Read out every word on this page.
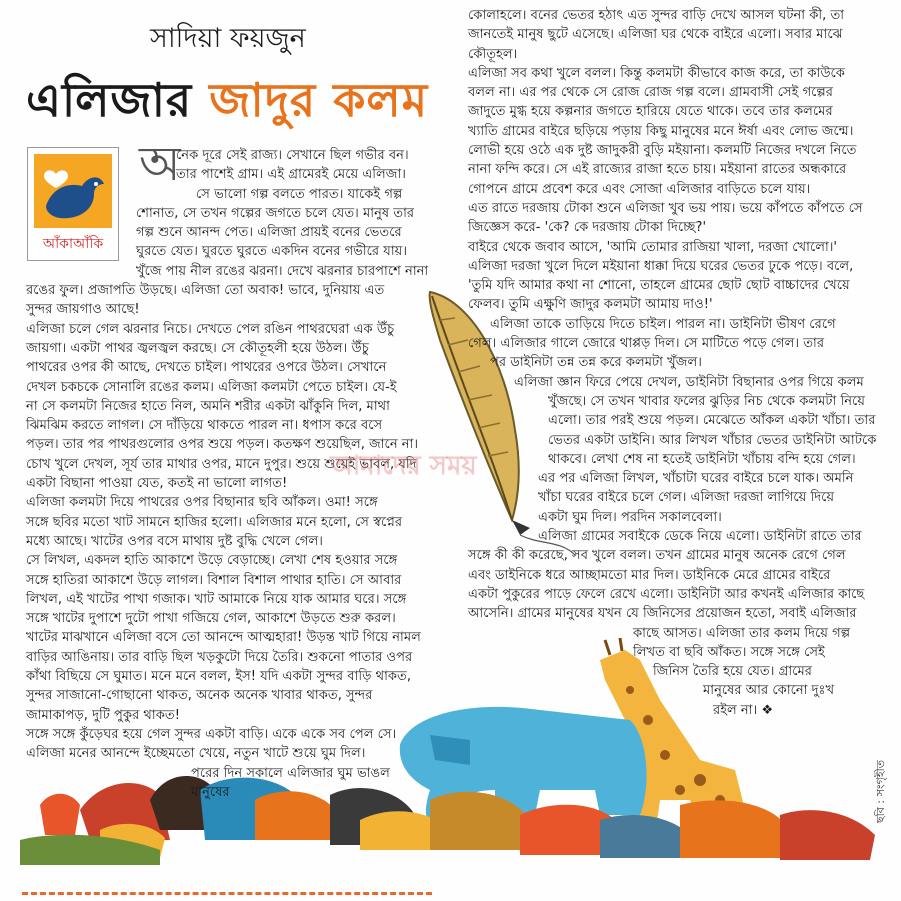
সাদিয়া ফয়জুন
এলিজার জাদুর কলম
আঁকাআঁকি
অ

নেক দূরে সেই রাজ্য। সেখানে ছিল গভীর বন।

তার পাশেই গ্রাম। এই গ্রামেরই মেয়ে এলিজা।

সে ভালো গল্প বলতে পারত। যাকেই গল্প

শোনাত, সে তখন গল্পের জগতে চলে যেত। মানুষ তার

গল্প শুনে আনন্দ পেত। এলিজা প্রায়ই বনের ভেতরে

ঘুরতে যেত। ঘুরতে ঘুরতে একদিন বনের গভীরে যায়।

খুঁজে পায় নীল রঙের ঝরনা। দেখে ঝরনার চারপাশে নানা

রঙের ফুল। প্রজাপতি উড়ছে। এলিজা তো অবাক! ভাবে, দুনিয়ায় এত

সুন্দর জায়গাও আছে!

এলিজা চলে গেল ঝরনার নিচে। দেখতে পেল রঙিন পাথরঘেরা এক উঁচু

জায়গা। একটা পাথর জ্বলজ্বল করছে। সে কৌতূহলী হয়ে উঠল। উঁচু

পাথরের ওপর কী আছে, দেখতে চাইল। পাথরের ওপরে উঠল। সেখানে

দেখল চকচকে সোনালি রঙের কলম। এলিজা কলমটা পেতে চাইল। যে-ই

না সে কলমটা নিজের হাতে নিল, অমনি শরীর একটা ঝাঁকুনি দিল, মাথা

ঝিমঝিম করতে লাগল। সে দাঁড়িয়ে থাকতে পারল না। ধপাস করে বসে

পড়ল। তার পর পাথরগুলোর ওপর শুয়ে পড়ল। কতক্ষণ শুয়েছিল, জানে না।

চোখ খুলে দেখল, সূর্য তার মাথার ওপর, মানে দুপুর। শুয়ে শুয়েই ভাবল, যদি

একটা বিছানা পাওয়া যেত, কতই না ভালো লাগত!

এলিজা কলমটা দিয়ে পাথরের ওপর বিছানার ছবি আঁকল। ওমা! সঙ্গে

সঙ্গে ছবির মতো খাট সামনে হাজির হলো। এলিজার মনে হলো, সে স্বপ্নের

মধ্যে আছে। খাটের ওপর বসে মাথায় দুষ্ট বুদ্ধি খেলে গেল।

সে লিখল, একদল হাতি আকাশে উড়ে বেড়াচ্ছে। লেখা শেষ হওয়ার সঙ্গে

সঙ্গে হাতিরা আকাশে উড়ে লাগল। বিশাল বিশাল পাথার হাতি। সে আবার

লিখল, এই খাটের পাখা গজাক। খাট আমাকে নিয়ে যাক আমার ঘরে। সঙ্গে

সঙ্গে খাটের দুপাশে দুটো পাখা গজিয়ে গেল, আকাশে উড়তে শুরু করল।

খাটের মাঝখানে এলিজা বসে তো আনন্দে আত্মহারা! উড়ন্ত খাট গিয়ে নামল

বাড়ির আঙিনায়। তার বাড়ি ছিল খড়কুটো দিয়ে তৈরি। শুকনো পাতার ওপর

কাঁথা বিছিয়ে সে ঘুমাত। মনে মনে বলল, ইস! যদি একটা সুন্দর বাড়ি থাকত,

সুন্দর সাজানো-গোছানো থাকত, অনেক অনেক খাবার থাকত, সুন্দর

জামাকাপড়, দুটি পুকুর থাকত!

সঙ্গে সঙ্গে কুঁড়েঘর হয়ে গেল সুন্দর একটা বাড়ি। একে একে সব পেল সে।

এলিজা মনের আনন্দে ইচ্ছেমতো খেয়ে, নতুন খাটে শুয়ে ঘুম দিল।

পরের দিন সকালে এলিজার ঘুম ভাঙল

মানুষের

কোলাহলে। বনের ভেতর হঠাৎ এত সুন্দর বাড়ি দেখে আসল ঘটনা কী, তা

জানতেই মানুষ ছুটে এসেছে। এলিজা ঘর থেকে বাইরে এলো। সবার মাঝে

কৌতূহল।

এলিজা সব কথা খুলে বলল। কিন্তু কলমটা কীভাবে কাজ করে, তা কাউকে

বলল না। এর পর থেকে সে রোজ রোজ গল্প বলে। গ্রামবাসী সেই গল্পের

জাদুতে মুগ্ধ হয়ে কল্পনার জগতে হারিয়ে যেতে থাকে। তবে তার কলমের

খ্যাতি গ্রামের বাইরে ছড়িয়ে পড়ায় কিছু মানুষের মনে ঈর্ষা এবং লোভ জন্মে।

লোভী হয়ে ওঠে এক দুষ্ট জাদুকরী বুড়ি মইয়ানা। কলমটি নিজের দখলে নিতে

নানা ফন্দি করে। সে এই রাজ্যের রাজা হতে চায়। মইয়ানা রাতের অন্ধকারে

গোপনে গ্রামে প্রবেশ করে এবং সোজা এলিজার বাড়িতে চলে যায়।

এত রাতে দরজায় টোকা শুনে এলিজা খুব ভয় পায়। ভয়ে কাঁপতে কাঁপতে সে

জিজ্ঞেস করে- 'কে? কে দরজায় টোকা দিচ্ছে?'

বাইরে থেকে জবাব আসে, 'আমি তোমার রাজিয়া খালা, দরজা খোলো।'

এলিজা দরজা খুলে দিলে মইয়ানা ধাক্কা দিয়ে ঘরের ভেতর ঢুকে পড়ে। বলে,

'তুমি যদি আমার কথা না শোনো, তাহলে গ্রামের ছোট ছোট বাচ্চাদের খেয়ে

ফেলব। তুমি এক্ষুণি জাদুর কলমটা আমায় দাও!'

এলিজা তাকে তাড়িয়ে দিতে চাইল। পারল না। ডাইনিটা ভীষণ রেগে

গেল। এলিজার গালে জোরে থাপ্পড় দিল। সে মাটিতে পড়ে গেল। তার

পর ডাইনিটা তন্ন তন্ন করে কলমটা খুঁজল।

এলিজা জ্ঞান ফিরে পেয়ে দেখল, ডাইনিটা বিছানার ওপর গিয়ে কলম

খুঁজছে। সে তখন খাবার ফলের ঝুড়ির নিচ থেকে কলমটা নিয়ে

এলো। তার পরই শুয়ে পড়ল। মেঝেতে আঁকল একটা খাঁচা। তার

ভেতর একটা ডাইনি। আর লিখল খাঁচার ভেতর ডাইনিটা আটকে

থাকবে। লেখা শেষ না হতেই ডাইনিটা খাঁচায় বন্দি হয়ে গেল।

এর পর এলিজা লিখল, খাঁচাটা ঘরের বাইরে চলে যাক। অমনি

খাঁচা ঘরের বাইরে চলে গেল। এলিজা দরজা লাগিয়ে দিয়ে

একটা ঘুম দিল। পরদিন সকালবেলা।

এলিজা গ্রামের সবাইকে ডেকে নিয়ে এলো। ডাইনিটা রাতে তার

সঙ্গে কী কী করেছে, সব খুলে বলল। তখন গ্রামের মানুষ অনেক রেগে গেল

এবং ডাইনিকে ধরে আচ্ছামতো মার দিল। ডাইনিকে মেরে গ্রামের বাইরে

একটা পুকুরের পাড়ে ফেলে রেখে এলো। ডাইনিটা আর কখনই এলিজার কাছে

আসেনি। গ্রামের মানুষের যখন যে জিনিসের প্রয়োজন হতো, সবাই এলিজার

কাছে আসত। এলিজা তার কলম দিয়ে গল্প

লিখত বা ছবি আঁকত। সঙ্গে সঙ্গে সেই

জিনিস তৈরি হয়ে যেত। গ্রামের

মানুষের আর কোনো দুঃখ

রইল না। ❖

আমাদের সময়
ছবি : সংগৃহীত
